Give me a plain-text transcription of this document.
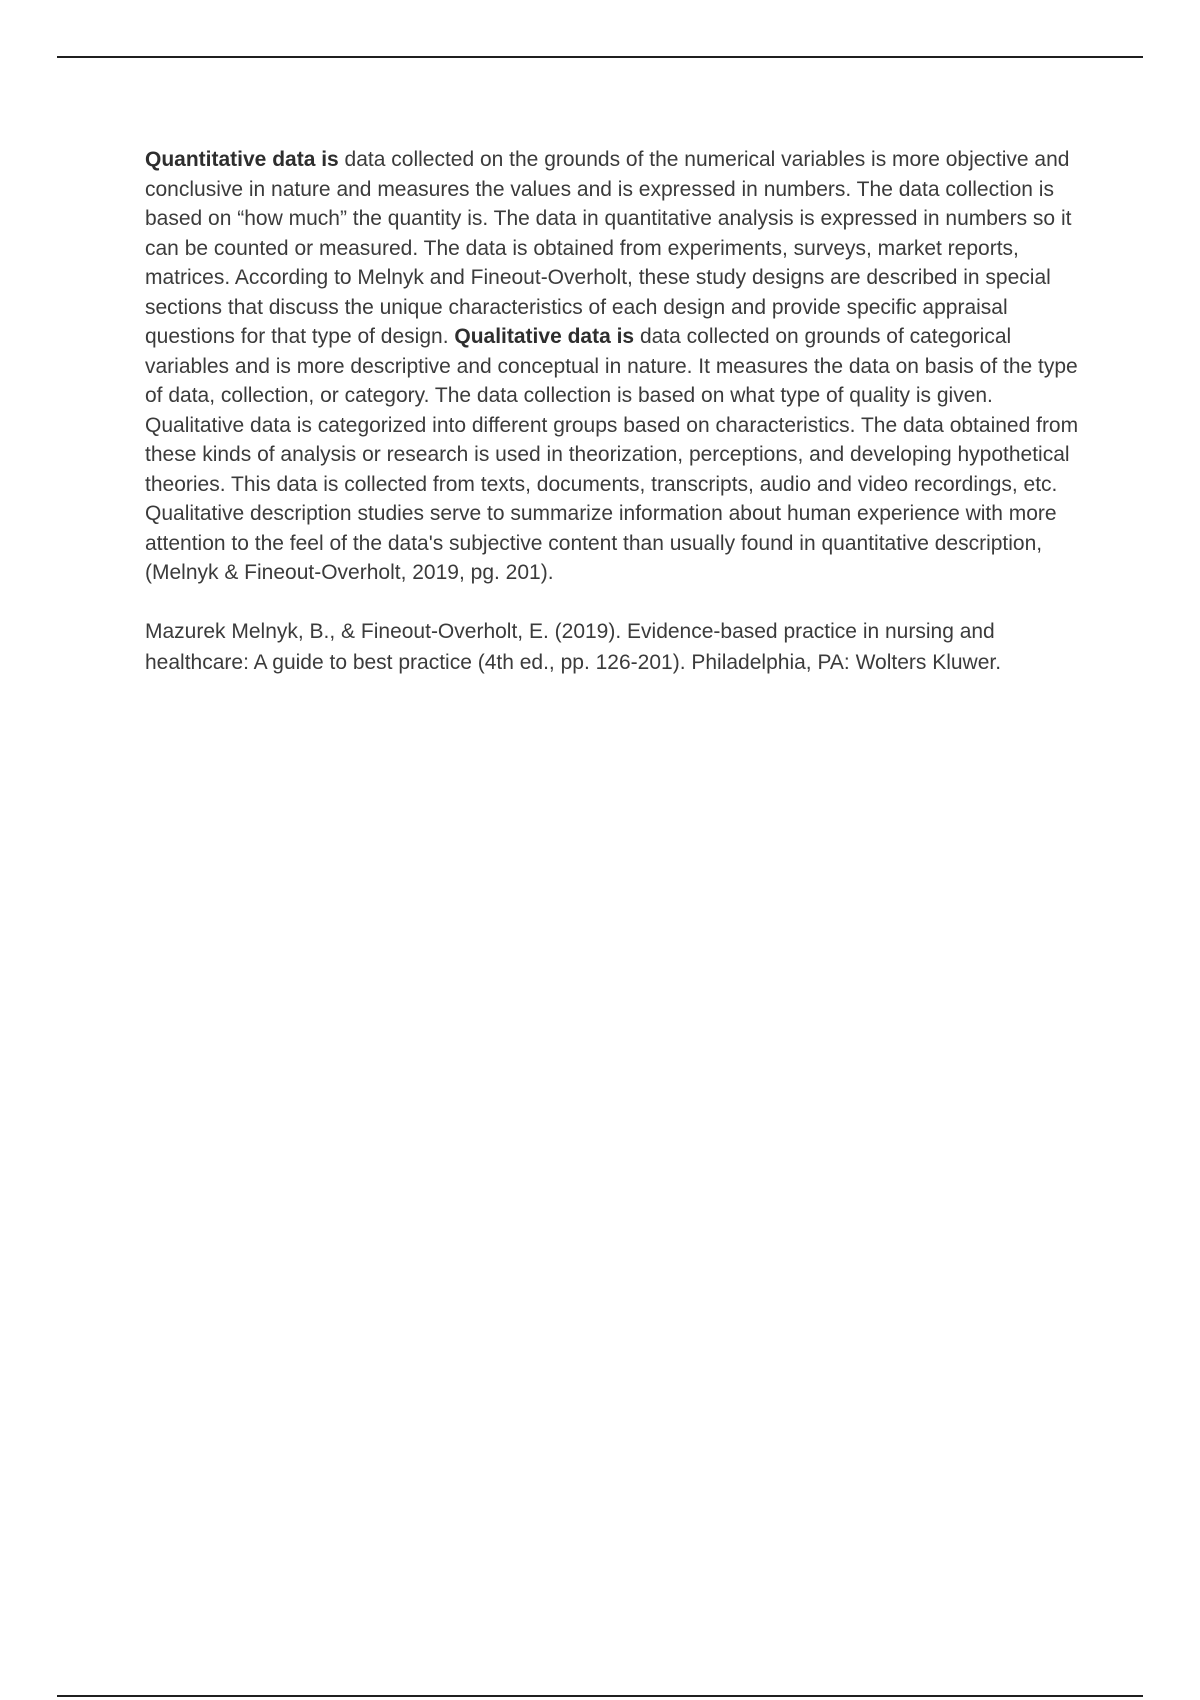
Quantitative data is data collected on the grounds of the numerical variables is more objective and conclusive in nature and measures the values and is expressed in numbers. The data collection is based on “how much” the quantity is. The data in quantitative analysis is expressed in numbers so it can be counted or measured. The data is obtained from experiments, surveys, market reports, matrices. According to Melnyk and Fineout-Overholt, these study designs are described in special sections that discuss the unique characteristics of each design and provide specific appraisal questions for that type of design. Qualitative data is data collected on grounds of categorical variables and is more descriptive and conceptual in nature. It measures the data on basis of the type of data, collection, or category. The data collection is based on what type of quality is given. Qualitative data is categorized into different groups based on characteristics. The data obtained from these kinds of analysis or research is used in theorization, perceptions, and developing hypothetical theories. This data is collected from texts, documents, transcripts, audio and video recordings, etc. Qualitative description studies serve to summarize information about human experience with more attention to the feel of the data's subjective content than usually found in quantitative description, (Melnyk & Fineout-Overholt, 2019, pg. 201).

Mazurek Melnyk, B., & Fineout-Overholt, E. (2019). Evidence-based practice in nursing and healthcare: A guide to best practice (4th ed., pp. 126-201). Philadelphia, PA: Wolters Kluwer.
